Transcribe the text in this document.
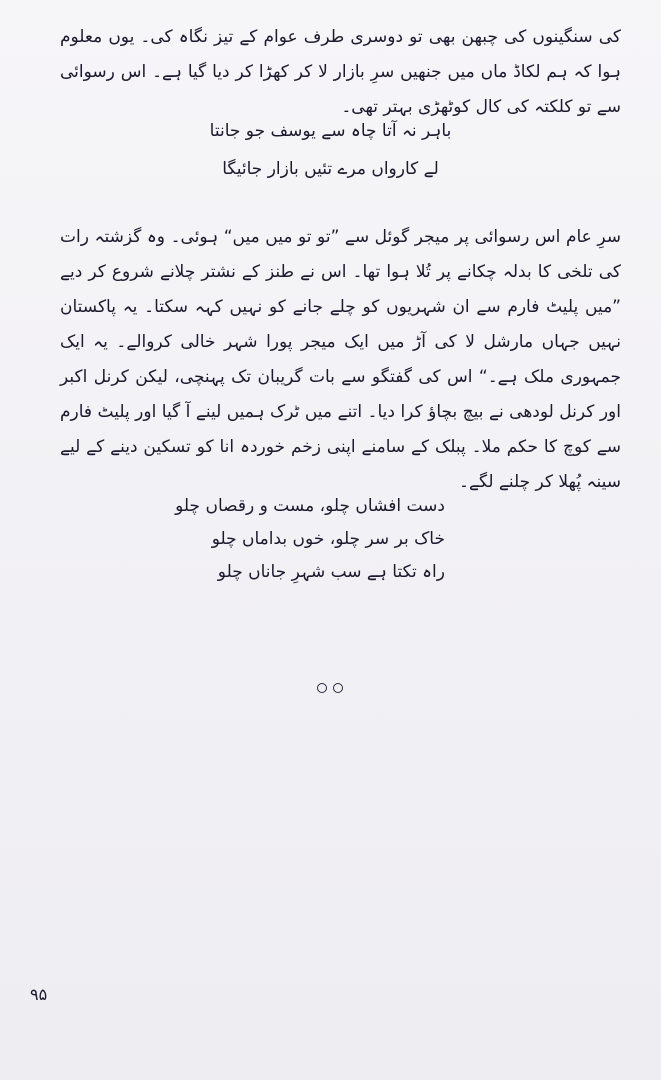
کی سنگینوں کی چبھن بھی تو دوسری طرف عوام کے تیز نگاہ کی۔ یوں معلوم ہوا کہ ہم لکاڈ ماں میں جنھیں سرِ بازار لا کر کھڑا کر دیا گیا ہے۔ اس رسوائی سے تو کلکتہ کی کال کوٹھڑی بہتر تھی۔

باہر نہ آتا چاہ سے یوسف جو جانتا
لے کارواں مرے تئیں بازار جائیگا

سرِ عام اس رسوائی پر میجر گوئل سے ”تو تو میں میں“ ہوئی۔ وہ گزشتہ رات کی تلخی کا بدلہ چکانے پر تُلا ہوا تھا۔ اس نے طنز کے نشتر چلانے شروع کر دیے ”میں پلیٹ فارم سے ان شہریوں کو چلے جانے کو نہیں کہہ سکتا۔ یہ پاکستان نہیں جہاں مارشل لا کی آڑ میں ایک میجر پورا شہر خالی کروالے۔ یہ ایک جمہوری ملک ہے۔“ اس کی گفتگو سے بات گریبان تک پہنچی، لیکن کرنل اکبر اور کرنل لودھی نے بیچ بچاؤ کرا دیا۔ اتنے میں ٹرک ہمیں لینے آ گیا اور پلیٹ فارم سے کوچ کا حکم ملا۔ پبلک کے سامنے اپنی زخم خوردہ انا کو تسکین دینے کے لیے سینہ پُھلا کر چلنے لگے۔

دست افشاں چلو، مست و رقصاں چلو
خاک بر سر چلو، خوں بداماں چلو
راہ تکتا ہے سب شہرِ جاناں چلو
۹۵
